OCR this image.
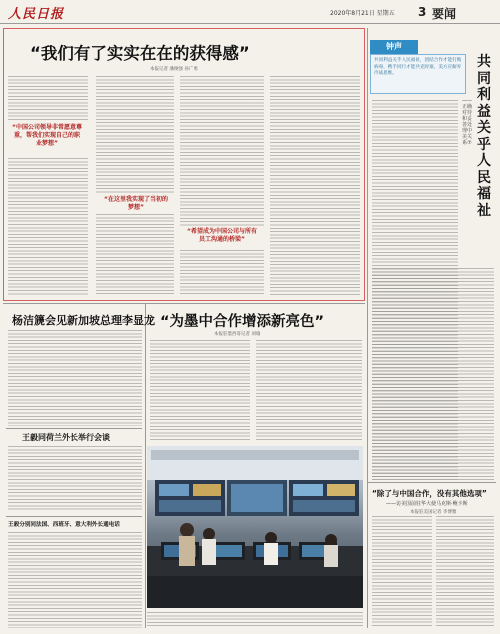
人民日报	2020年8月21日 星期五 3 要闻
“我们有了实实在在的获得感”
本报记者 潘俊强 孙广勇
“中国公司领导非常愿意尊重，帮我们实现自己的职业梦想”
“在这里我实现了当初的梦想”
“希望成为中国公司与所有员工沟通的桥梁”
钟声
共同利益关乎人民福祉，团结合作才能打败病毒，携手同行才能共克时艰，美方应摒弃冷战思维。
共同利益关乎人民福祉
——正确对待和妥善处理中美关系⑦
“除了与中国合作，没有其他选项”
——访美国前驻华大使马克斯·鲍卡斯
本报驻美国记者 李博雅
杨洁篪会见新加坡总理李显龙
王毅同荷兰外长举行会谈
王毅分别同法国、西班牙、意大利外长通电话
“为墨中合作增添新亮色”
本报驻墨西哥记者 刘瑜
